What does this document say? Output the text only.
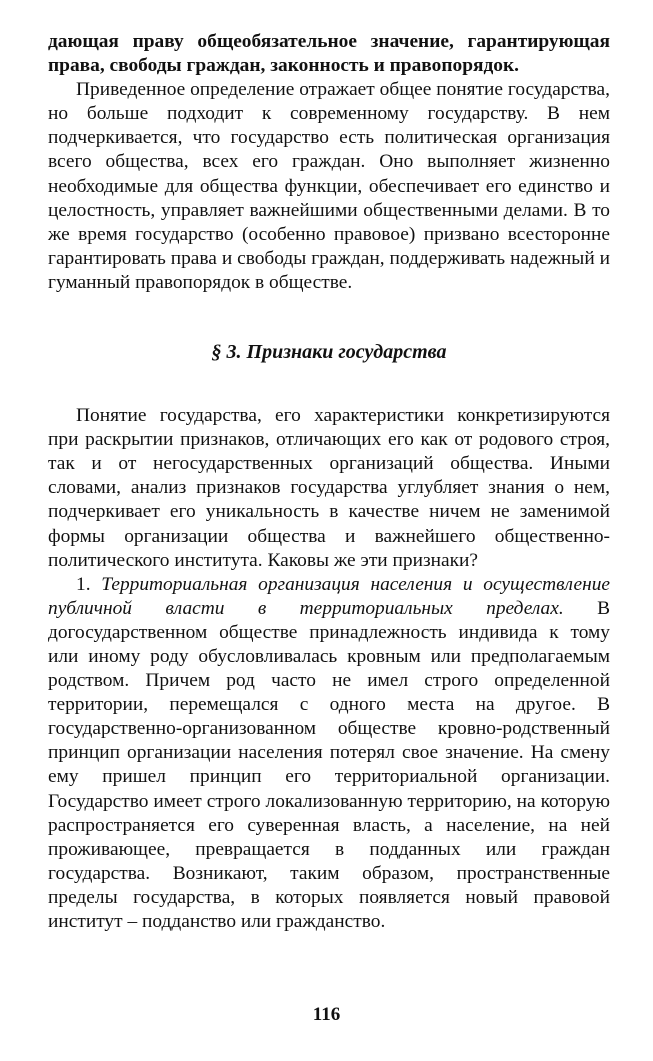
дающая праву общеобязательное значение, гарантирующая права, свободы граждан, законность и правопорядок.

Приведенное определение отражает общее понятие государства, но больше подходит к современному государству. В нем подчеркивается, что государство есть политическая организация всего общества, всех его граждан. Оно выполняет жизненно необходимые для общества функции, обеспечивает его единство и целостность, управляет важнейшими общественными делами. В то же время государство (особенно правовое) призвано всесторонне гарантировать права и свободы граждан, поддерживать надежный и гуманный правопорядок в обществе.

§ 3. Признаки государства

Понятие государства, его характеристики конкретизируются при раскрытии признаков, отличающих его как от родового строя, так и от негосударственных организаций общества. Иными словами, анализ признаков государства углубляет знания о нем, подчеркивает его уникальность в качестве ничем не заменимой формы организации общества и важнейшего общественно-политического института. Каковы же эти признаки?

1. Территориальная организация населения и осуществление публичной власти в территориальных пределах. В догосударственном обществе принадлежность индивида к тому или иному роду обусловливалась кровным или предполагаемым родством. Причем род часто не имел строго определенной территории, перемещался с одного места на другое. В государственно-организованном обществе кровно-родственный принцип организации населения потерял свое значение. На смену ему пришел принцип его территориальной организации. Государство имеет строго локализованную территорию, на которую распространяется его суверенная власть, а население, на ней проживающее, превращается в подданных или граждан государства. Возникают, таким образом, пространственные пределы государства, в которых появляется новый правовой институт – подданство или гражданство.

116
